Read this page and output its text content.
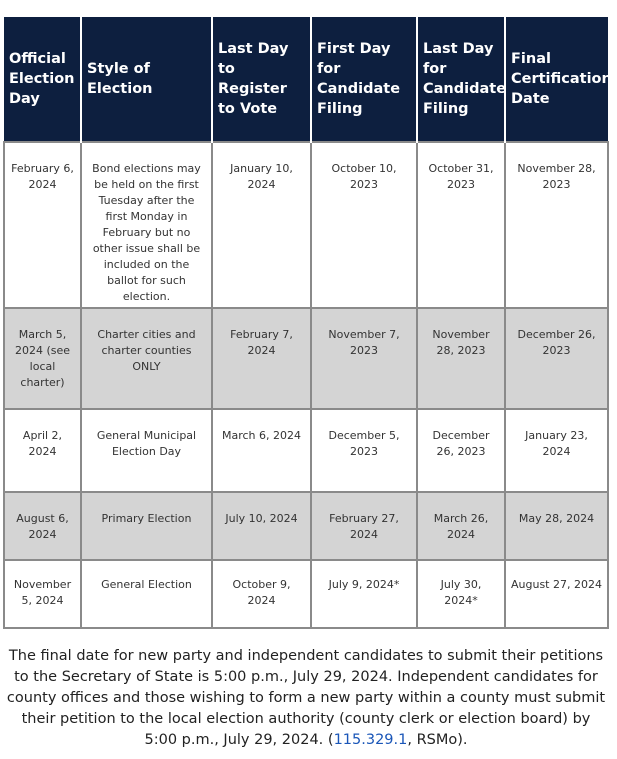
Official Election Day	Style of Election	Last Day to Register to Vote	First Day for Candidate Filing	Last Day for Candidate Filing	Final Certification Date
February 6, 2024	Bond elections may be held on the first Tuesday after the first Monday in February but no other issue shall be included on the ballot for such election.	January 10, 2024	October 10, 2023	October 31, 2023	November 28, 2023
March 5, 2024 (see local charter)	Charter cities and charter counties ONLY	February 7, 2024	November 7, 2023	November 28, 2023	December 26, 2023
April 2, 2024	General Municipal Election Day	March 6, 2024	December 5, 2023	December 26, 2023	January 23, 2024
August 6, 2024	Primary Election	July 10, 2024	February 27, 2024	March 26, 2024	May 28, 2024
November 5, 2024	General Election	October 9, 2024	July 9, 2024*	July 30, 2024*	August 27, 2024

The final date for new party and independent candidates to submit their petitions to the Secretary of State is 5:00 p.m., July 29, 2024. Independent candidates for county offices and those wishing to form a new party within a county must submit their petition to the local election authority (county clerk or election board) by 5:00 p.m., July 29, 2024. (115.329.1, RSMo).
